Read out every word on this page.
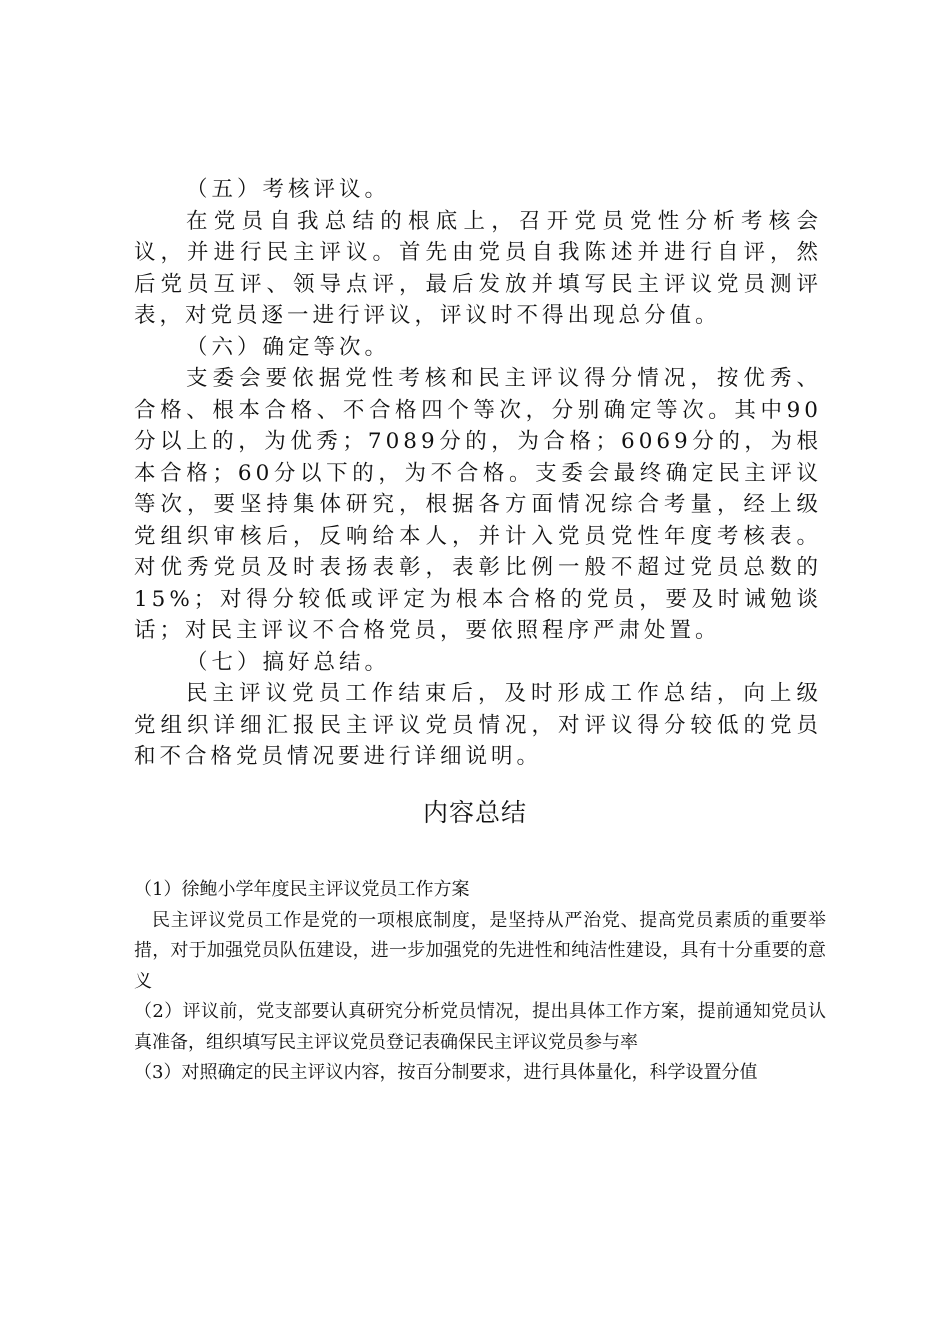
（五）考核评议。

在党员自我总结的根底上，召开党员党性分析考核会议，并进行民主评议。首先由党员自我陈述并进行自评，然后党员互评、领导点评，最后发放并填写民主评议党员测评表，对党员逐一进行评议，评议时不得出现总分值。

（六）确定等次。

支委会要依据党性考核和民主评议得分情况，按优秀、合格、根本合格、不合格四个等次，分别确定等次。其中90分以上的，为优秀；7089分的，为合格；6069分的，为根本合格；60分以下的，为不合格。支委会最终确定民主评议等次，要坚持集体研究，根据各方面情况综合考量，经上级党组织审核后，反响给本人，并计入党员党性年度考核表。对优秀党员及时表扬表彰，表彰比例一般不超过党员总数的15%；对得分较低或评定为根本合格的党员，要及时诫勉谈话；对民主评议不合格党员，要依照程序严肃处置。

（七）搞好总结。

民主评议党员工作结束后，及时形成工作总结，向上级党组织详细汇报民主评议党员情况，对评议得分较低的党员和不合格党员情况要进行详细说明。

内容总结

（1）徐鲍小学年度民主评议党员工作方案

民主评议党员工作是党的一项根底制度，是坚持从严治党、提高党员素质的重要举措，对于加强党员队伍建设，进一步加强党的先进性和纯洁性建设，具有十分重要的意义

（2）评议前，党支部要认真研究分析党员情况，提出具体工作方案，提前通知党员认真准备，组织填写民主评议党员登记表确保民主评议党员参与率

（3）对照确定的民主评议内容，按百分制要求，进行具体量化，科学设置分值
